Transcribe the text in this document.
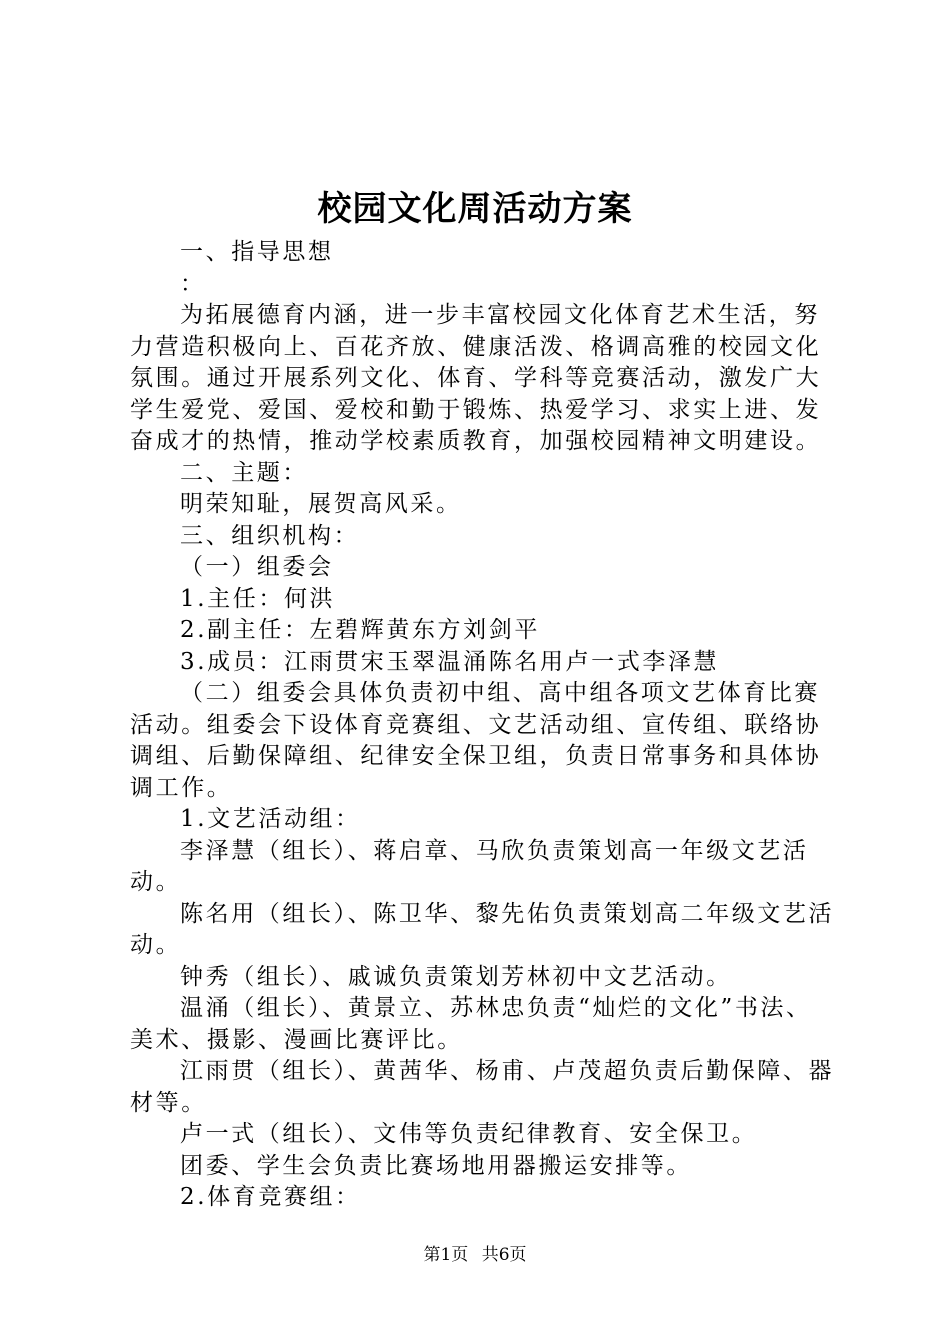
校园文化周活动方案

一、指导思想

：

为拓展德育内涵，进一步丰富校园文化体育艺术生活，努力营造积极向上、百花齐放、健康活泼、格调高雅的校园文化氛围。通过开展系列文化、体育、学科等竞赛活动，激发广大学生爱党、爱国、爱校和勤于锻炼、热爱学习、求实上进、发奋成才的热情，推动学校素质教育，加强校园精神文明建设。

二、主题：

明荣知耻，展贺高风采。

三、组织机构：

（一）组委会

1.主任：何洪

2.副主任：左碧辉黄东方刘剑平

3.成员：江雨贯宋玉翠温涌陈名用卢一式李泽慧

（二）组委会具体负责初中组、高中组各项文艺体育比赛活动。组委会下设体育竞赛组、文艺活动组、宣传组、联络协调组、后勤保障组、纪律安全保卫组，负责日常事务和具体协调工作。

1.文艺活动组：

李泽慧（组长）、蒋启章、马欣负责策划高一年级文艺活动。

陈名用（组长）、陈卫华、黎先佑负责策划高二年级文艺活动。

钟秀（组长）、戚诚负责策划芳林初中文艺活动。

温涌（组长）、黄景立、苏林忠负责“灿烂的文化”书法、美术、摄影、漫画比赛评比。

江雨贯（组长）、黄茜华、杨甫、卢茂超负责后勤保障、器材等。

卢一式（组长）、文伟等负责纪律教育、安全保卫。

团委、学生会负责比赛场地用器搬运安排等。

2.体育竞赛组：

第1页 共6页
